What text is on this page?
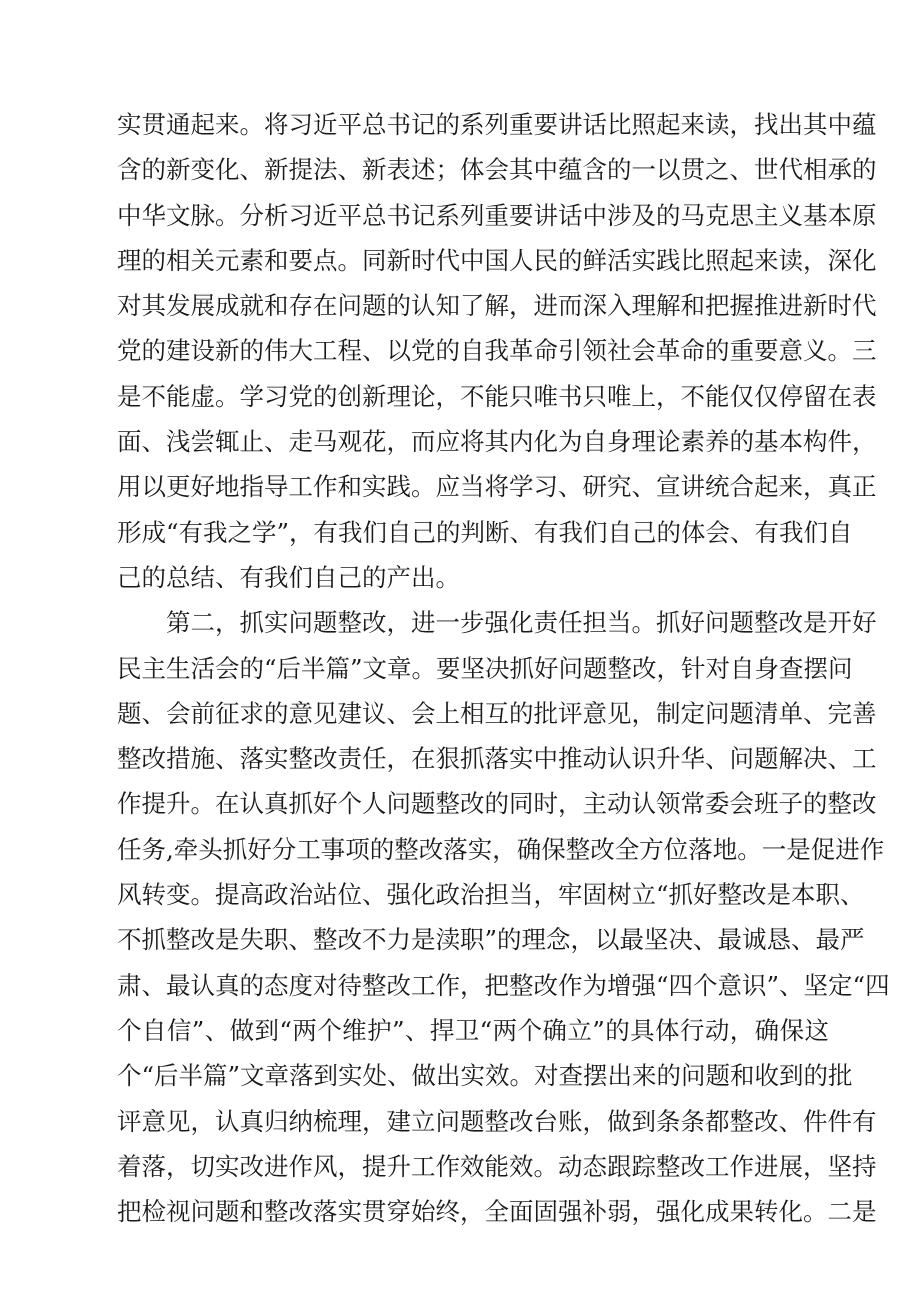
实贯通起来。将习近平总书记的系列重要讲话比照起来读，找出其中蕴
含的新变化、新提法、新表述；体会其中蕴含的一以贯之、世代相承的
中华文脉。分析习近平总书记系列重要讲话中涉及的马克思主义基本原
理的相关元素和要点。同新时代中国人民的鲜活实践比照起来读，深化
对其发展成就和存在问题的认知了解，进而深入理解和把握推进新时代
党的建设新的伟大工程、以党的自我革命引领社会革命的重要意义。三
是不能虚。学习党的创新理论，不能只唯书只唯上，不能仅仅停留在表
面、浅尝辄止、走马观花，而应将其内化为自身理论素养的基本构件，
用以更好地指导工作和实践。应当将学习、研究、宣讲统合起来，真正
形成“有我之学”，有我们自己的判断、有我们自己的体会、有我们自
己的总结、有我们自己的产出。
第二，抓实问题整改，进一步强化责任担当。抓好问题整改是开好
民主生活会的“后半篇”文章。要坚决抓好问题整改，针对自身查摆问
题、会前征求的意见建议、会上相互的批评意见，制定问题清单、完善
整改措施、落实整改责任，在狠抓落实中推动认识升华、问题解决、工
作提升。在认真抓好个人问题整改的同时，主动认领常委会班子的整改
任务,牵头抓好分工事项的整改落实，确保整改全方位落地。一是促进作
风转变。提高政治站位、强化政治担当，牢固树立“抓好整改是本职、
不抓整改是失职、整改不力是渎职”的理念，以最坚决、最诚恳、最严
肃、最认真的态度对待整改工作，把整改作为增强“四个意识”、坚定“四
个自信”、做到“两个维护”、捍卫“两个确立”的具体行动，确保这
个“后半篇”文章落到实处、做出实效。对查摆出来的问题和收到的批
评意见，认真归纳梳理，建立问题整改台账，做到条条都整改、件件有
着落，切实改进作风，提升工作效能效。动态跟踪整改工作进展，坚持
把检视问题和整改落实贯穿始终，全面固强补弱，强化成果转化。二是
